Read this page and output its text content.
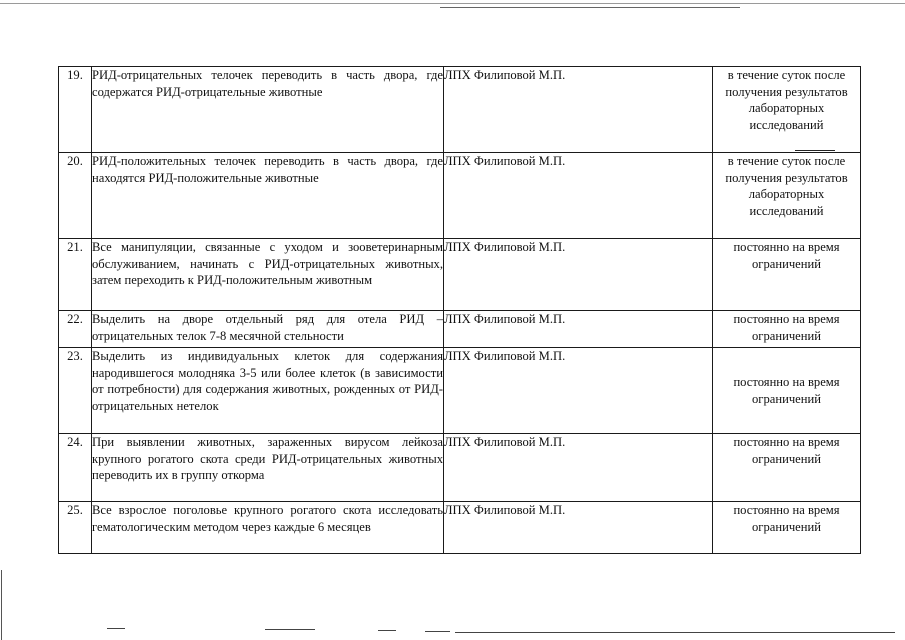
19.	РИД-отрицательных телочек переводить в часть двора, где содержатся РИД-отрицательные животные	ЛПХ Филиповой М.П.	в течение суток после получения результатов лабораторных исследований
20.	РИД-положительных телочек переводить в часть двора, где находятся РИД-положительные животные	ЛПХ Филиповой М.П.	в течение суток после получения результатов лабораторных исследований
21.	Все манипуляции, связанные с уходом и зооветеринарным обслуживанием, начинать с РИД-отрицательных животных, затем переходить к РИД-положительным животным	ЛПХ Филиповой М.П.	постоянно на время ограничений
22.	Выделить на дворе отдельный ряд для отела РИД – отрицательных телок 7-8 месячной стельности	ЛПХ Филиповой М.П.	постоянно на время ограничений
23.	Выделить из индивидуальных клеток для содержания народившегося молодняка 3-5 или более клеток (в зависимости от потребности) для содержания животных, рожденных от РИД-отрицательных нетелок	ЛПХ Филиповой М.П.	постоянно на время ограничений
24.	При выявлении животных, зараженных вирусом лейкоза крупного рогатого скота среди РИД-отрицательных животных переводить их в группу откорма	ЛПХ Филиповой М.П.	постоянно на время ограничений
25.	Все взрослое поголовье крупного рогатого скота исследовать гематологическим методом через каждые 6 месяцев	ЛПХ Филиповой М.П.	постоянно на время ограничений
